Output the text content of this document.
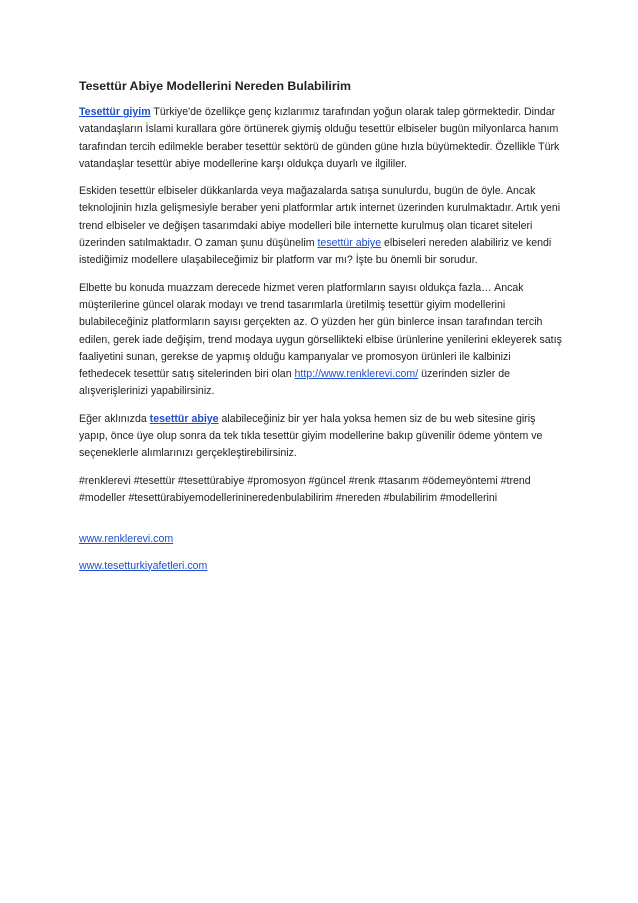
Tesettür Abiye Modellerini Nereden Bulabilirim

Tesettür giyim Türkiye'de özellikçe genç kızlarımız tarafından yoğun olarak talep görmektedir. Dindar vatandaşların İslami kurallara göre örtünerek giymiş olduğu tesettür elbiseler bugün milyonlarca hanım tarafından tercih edilmekle beraber tesettür sektörü de günden güne hızla büyümektedir. Özellikle Türk vatandaşlar tesettür abiye modellerine karşı oldukça duyarlı ve ilgililer.

Eskiden tesettür elbiseler dükkanlarda veya mağazalarda satışa sunulurdu, bugün de öyle. Ancak teknolojinin hızla gelişmesiyle beraber yeni platformlar artık internet üzerinden kurulmaktadır. Artık yeni trend elbiseler ve değişen tasarımdaki abiye modelleri bile internette kurulmuş olan ticaret siteleri üzerinden satılmaktadır. O zaman şunu düşünelim tesettür abiye elbiseleri nereden alabiliriz ve kendi istediğimiz modellere ulaşabileceğimiz bir platform var mı? İşte bu önemli bir sorudur.

Elbette bu konuda muazzam derecede hizmet veren platformların sayısı oldukça fazla… Ancak müşterilerine güncel olarak modayı ve trend tasarımlarla üretilmiş tesettür giyim modellerini bulabileceğiniz platformların sayısı gerçekten az. O yüzden her gün binlerce insan tarafından tercih edilen, gerek iade değişim, trend modaya uygun görsellikteki elbise ürünlerine yenilerini ekleyerek satış faaliyetini sunan, gerekse de yapmış olduğu kampanyalar ve promosyon ürünleri ile kalbinizi fethedecek tesettür satış sitelerinden biri olan http://www.renklerevi.com/ üzerinden sizler de alışverişlerinizi yapabilirsiniz.

Eğer aklınızda tesettür abiye alabileceğiniz bir yer hala yoksa hemen siz de bu web sitesine giriş yapıp, önce üye olup sonra da tek tıkla tesettür giyim modellerine bakıp güvenilir ödeme yöntem ve seçeneklerle alımlarınızı gerçekleştirebilirsiniz.

#renklerevi #tesettür #tesettürabiye #promosyon #güncel #renk #tasarım #ödemeyöntemi #trend #modeller #tesettürabiyemodellerinineredenbulabilirim #nereden #bulabilirim #modellerini

www.renklerevi.com

www.tesetturkiyafetleri.com
